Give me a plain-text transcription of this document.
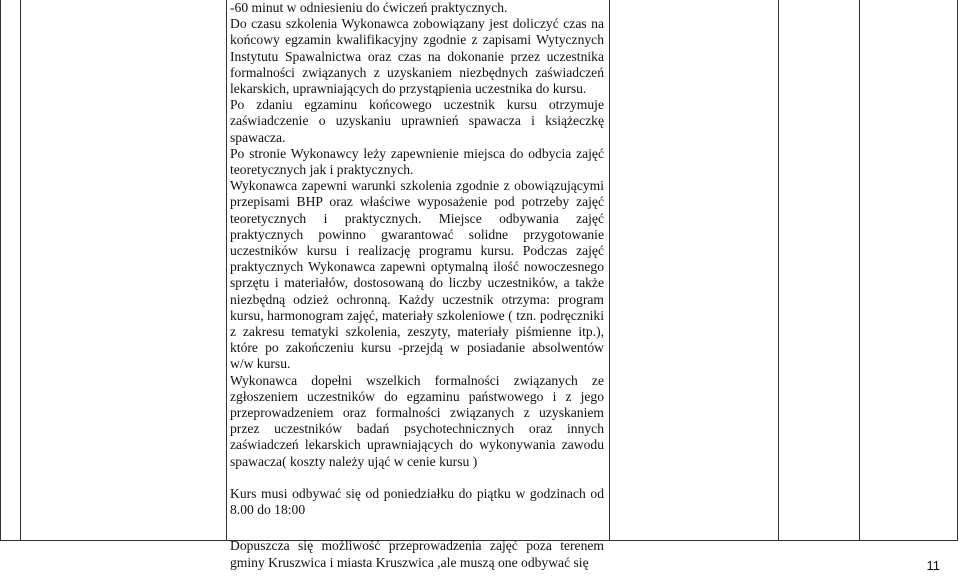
-60 minut w odniesieniu do ćwiczeń praktycznych.

Do czasu szkolenia Wykonawca zobowiązany jest doliczyć czas na końcowy egzamin kwalifikacyjny zgodnie z zapisami Wytycznych Instytutu Spawalnictwa oraz czas na dokonanie przez uczestnika formalności związanych z uzyskaniem niezbędnych zaświadczeń lekarskich, uprawniających do przystąpienia uczestnika do kursu.

Po zdaniu egzaminu końcowego uczestnik kursu otrzymuje zaświadczenie o uzyskaniu uprawnień spawacza i książeczkę spawacza.

Po stronie Wykonawcy leży zapewnienie miejsca do odbycia zajęć teoretycznych jak i praktycznych.

Wykonawca zapewni warunki szkolenia zgodnie z obowiązującymi przepisami BHP oraz właściwe wyposażenie pod potrzeby zajęć teoretycznych i praktycznych. Miejsce odbywania zajęć praktycznych powinno gwarantować solidne przygotowanie uczestników kursu i realizację programu kursu. Podczas zajęć praktycznych Wykonawca zapewni optymalną ilość nowoczesnego sprzętu i materiałów, dostosowaną do liczby uczestników, a także niezbędną odzież ochronną. Każdy uczestnik otrzyma: program kursu, harmonogram zajęć, materiały szkoleniowe ( tzn. podręczniki z zakresu tematyki szkolenia, zeszyty, materiały piśmienne itp.), które po zakończeniu kursu -przejdą w posiadanie absolwentów w/w kursu.

Wykonawca dopełni wszelkich formalności związanych ze zgłoszeniem uczestników do egzaminu państwowego i z jego przeprowadzeniem oraz formalności związanych z uzyskaniem przez uczestników badań psychotechnicznych oraz innych zaświadczeń lekarskich uprawniających do wykonywania zawodu spawacza( koszty należy ująć w cenie kursu )

Kurs musi odbywać się od poniedziałku do piątku w godzinach od 8.00 do 18:00

Dopuszcza się możliwość przeprowadzenia zajęć poza terenem gminy Kruszwica i miasta Kruszwica ,ale muszą one odbywać się	11
